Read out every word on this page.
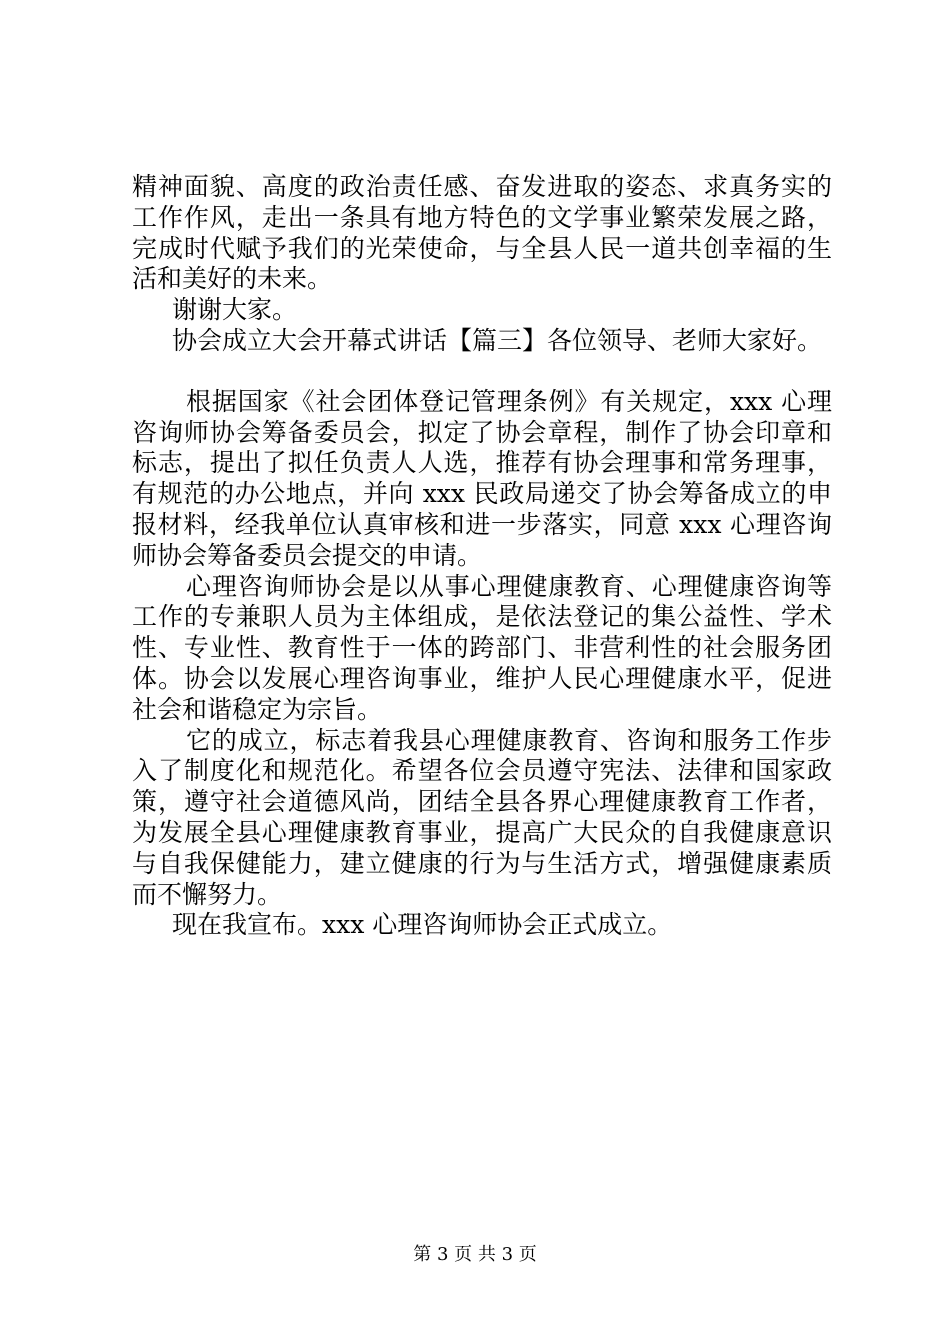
精神面貌、高度的政治责任感、奋发进取的姿态、求真务实的
工作作风，走出一条具有地方特色的文学事业繁荣发展之路，
完成时代赋予我们的光荣使命，与全县人民一道共创幸福的生
活和美好的未来。
谢谢大家。
协会成立大会开幕式讲话【篇三】各位领导、老师大家好。
根据国家《社会团体登记管理条例》有关规定，xxx 心理
咨询师协会筹备委员会，拟定了协会章程，制作了协会印章和
标志，提出了拟任负责人人选，推荐有协会理事和常务理事，
有规范的办公地点，并向 xxx 民政局递交了协会筹备成立的申
报材料，经我单位认真审核和进一步落实，同意 xxx 心理咨询
师协会筹备委员会提交的申请。
心理咨询师协会是以从事心理健康教育、心理健康咨询等
工作的专兼职人员为主体组成，是依法登记的集公益性、学术
性、专业性、教育性于一体的跨部门、非营利性的社会服务团
体。协会以发展心理咨询事业，维护人民心理健康水平，促进
社会和谐稳定为宗旨。
它的成立，标志着我县心理健康教育、咨询和服务工作步
入了制度化和规范化。希望各位会员遵守宪法、法律和国家政
策，遵守社会道德风尚，团结全县各界心理健康教育工作者，
为发展全县心理健康教育事业，提高广大民众的自我健康意识
与自我保健能力，建立健康的行为与生活方式，增强健康素质
而不懈努力。
现在我宣布。xxx 心理咨询师协会正式成立。
第 3 页 共 3 页
